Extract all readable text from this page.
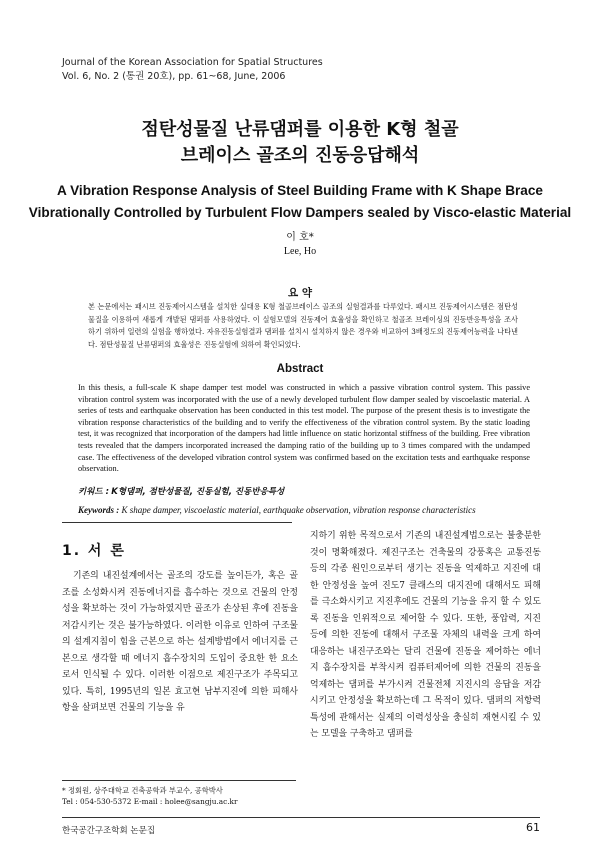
Journal of the Korean Association for Spatial Structures
Vol. 6, No. 2 (통권 20호), pp. 61~68, June, 2006
점탄성물질 난류댐퍼를 이용한 K형 철골
브레이스 골조의 진동응답해석
A Vibration Response Analysis of Steel Building Frame with K Shape Brace
Vibrationally Controlled by Turbulent Flow Dampers sealed by Visco-elastic Material
이 호*
Lee, Ho
요 약
본 논문에서는 패시브 진동제어시스템을 설치한 실대용 K형 철골브레이스 골조의 실험결과를 다루었다. 패시브 진동제어시스템은 점탄성물질을 이용하여 새롭게 개발된 댐퍼를 사용하였다. 이 실험모델의 진동제어 효율성을 확인하고 철골조 브레이싱의 진동반응특성을 조사하기 위하여 일련의 실험을 행하였다. 자유진동실험결과 댐퍼를 설치시 설치하지 않은 경우와 비교하여 3배정도의 진동제어능력을 나타낸다. 점탄성물질 난류댐퍼의 효율성은 진동실험에 의하여 확인되었다.
Abstract
In this thesis, a full-scale K shape damper test model was constructed in which a passive vibration control system. This passive vibration control system was incorporated with the use of a newly developed turbulent flow damper sealed by viscoelastic material. A series of tests and earthquake observation has been conducted in this test model. The purpose of the present thesis is to investigate the vibration response characteristics of the building and to verify the effectiveness of the vibration control system. By the static loading test, it was recognized that incorporation of the dampers had little influence on static horizontal stiffness of the building. Free vibration tests revealed that the dampers incorporated increased the damping ratio of the building up to 3 times compared with the undamped case. The effectiveness of the developed vibration control system was confirmed based on the excitation tests and earthquake response observation.
키워드 : K형댐퍼, 점탄성물질, 진동실험, 진동반응특성
Keywords : K shape damper, viscoelastic material, earthquake observation, vibration response characteristics
1. 서 론
기존의 내진설계에서는 골조의 강도를 높이든가, 혹은 골조를 소성화시켜 진동에너지를 흡수하는 것으로 건물의 안정성을 확보하는 것이 가능하였지만 골조가 손상된 후에 진동을 저감시키는 것은 불가능하였다. 이러한 이유로 인하여 구조물의 설계지침이 힘을 근본으로 하는 설계방법에서 에너지를 근본으로 생각할 때 에너지 흡수장치의 도입이 중요한 한 요소로서 인식될 수 있다. 이러한 이점으로 제진구조가 주목되고 있다. 특히, 1995년의 일본 효고현 남부지진에 의한 피해사항을 살펴보면 건물의 기능을 유
지하기 위한 목적으로서 기존의 내진설계법으로는 불충분한 것이 명확해졌다. 제진구조는 건축물의 강풍혹은 교통진동 등의 각종 원인으로부터 생기는 진동을 억제하고 지진에 대한 안정성을 높여 진도7 클래스의 대지진에 대해서도 피해를 극소화시키고 지진후에도 건물의 기능을 유지 할 수 있도록 진동을 인위적으로 제어할 수 있다. 또한, 풍압력, 지진 등에 의한 진동에 대해서 구조물 자체의 내력을 크게 하여 대응하는 내진구조와는 달리 건물에 진동을 제어하는 에너지 흡수장치를 부착시켜 컴퓨터제어에 의한 건물의 진동을 억제하는 댐퍼를 부가시켜 건물전체 지진시의 응답을 저감시키고 안정성을 확보하는데 그 목적이 있다. 댐퍼의 저항력 특성에 관해서는 실제의 이력성상을 충실히 재현시킬 수 있는 모델을 구축하고 댐퍼를
* 정회원, 상주대학교 건축공학과 부교수, 공학박사
Tel : 054-530-5372 E-mail : holee@sangju.ac.kr
한국공간구조학회 논문집	61
